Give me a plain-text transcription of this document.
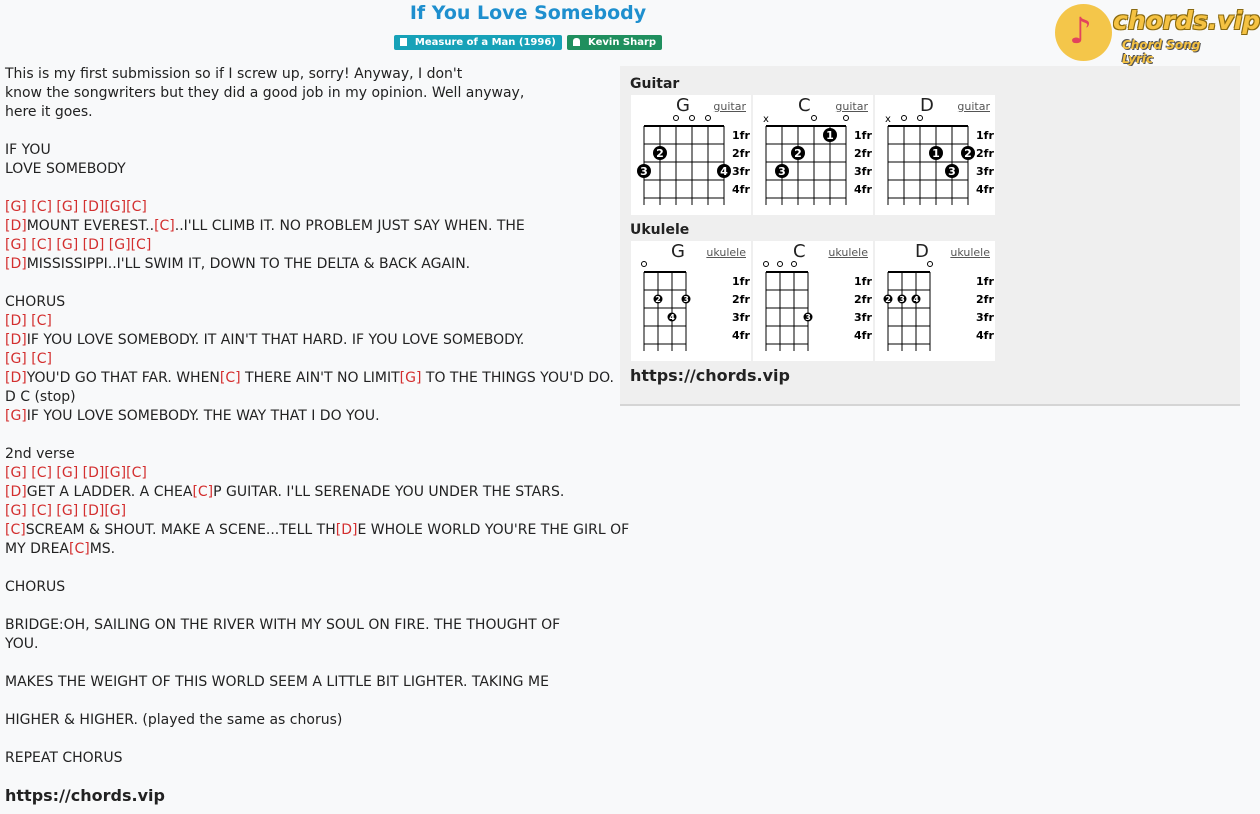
If You Love Somebody
Measure of a Man (1996)	Kevin Sharp	♪ chords.vip
Chord Song Lyric
This is my first submission so if I screw up, sorry! Anyway, I don't
know the songwriters but they did a good job in my opinion. Well anyway,
here it goes.
IF YOU
LOVE SOMEBODY
[G] [C] [G] [D][G][C]
[D]MOUNT EVEREST..[C]..I'LL CLIMB IT. NO PROBLEM JUST SAY WHEN. THE
[G] [C] [G] [D] [G][C]
[D]MISSISSIPPI..I'LL SWIM IT, DOWN TO THE DELTA & BACK AGAIN.
CHORUS
[D] [C]
[D]IF YOU LOVE SOMEBODY. IT AIN'T THAT HARD. IF YOU LOVE SOMEBODY.
[G] [C]
[D]YOU'D GO THAT FAR. WHEN[C] THERE AIN'T NO LIMIT[G] TO THE THINGS YOU'D DO.
D C (stop)
[G]IF YOU LOVE SOMEBODY. THE WAY THAT I DO YOU.
2nd verse
[G] [C] [G] [D][G][C]
[D]GET A LADDER. A CHEA[C]P GUITAR. I'LL SERENADE YOU UNDER THE STARS.
[G] [C] [G] [D][G]
[C]SCREAM & SHOUT. MAKE A SCENE...TELL TH[D]E WHOLE WORLD YOU'RE THE GIRL OF
MY DREA[C]MS.
CHORUS
BRIDGE:OH, SAILING ON THE RIVER WITH MY SOUL ON FIRE. THE THOUGHT OF
YOU.
MAKES THE WEIGHT OF THIS WORLD SEEM A LITTLE BIT LIGHTER. TAKING ME
HIGHER & HIGHER. (played the same as chorus)
REPEAT CHORUS
https://chords.vip
Guitar
G guitar
2
3	4
1fr
2fr
3fr
4fr
C guitar
x
1
2
3
1fr
2fr
3fr
4fr
D guitar
x
1 2
3
1fr
2fr
3fr
4fr
Ukulele
G ukulele
2	3
4
1fr
2fr
3fr
4fr
C ukulele
3
1fr
2fr
3fr
4fr
D ukulele
2 3 4
1fr
2fr
3fr
4fr
https://chords.vip
